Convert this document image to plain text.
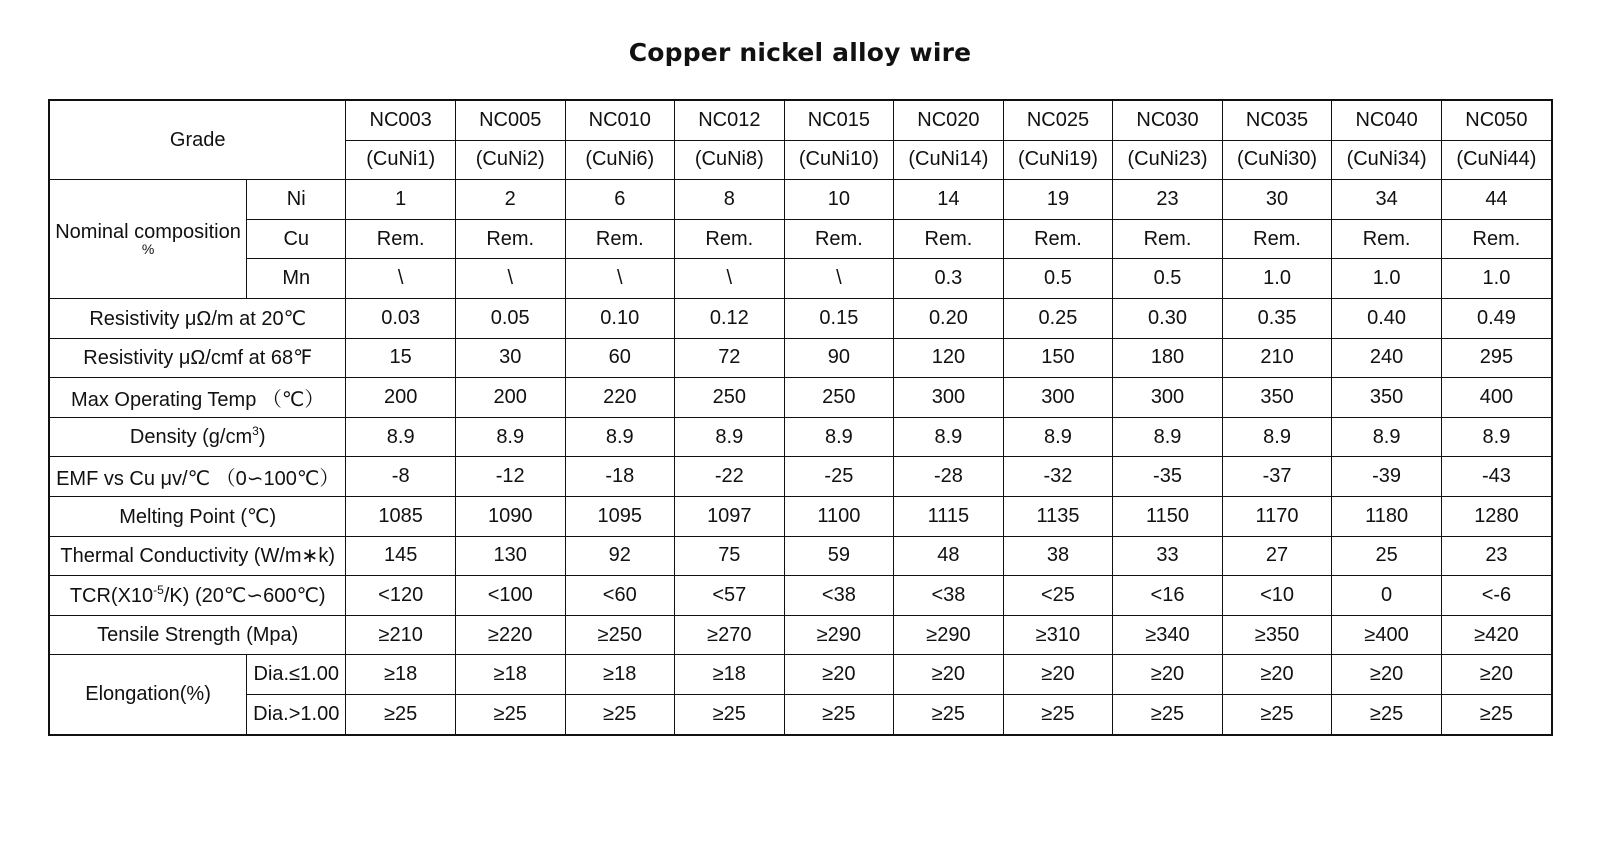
Copper nickel alloy wire
Grade		NC003	NC005	NC010	NC012	NC015	NC020	NC025	NC030	NC035	NC040	NC050
		(CuNi1)	(CuNi2)	(CuNi6)	(CuNi8)	(CuNi10)	(CuNi14)	(CuNi19)	(CuNi23)	(CuNi30)	(CuNi34)	(CuNi44)

Nominal composition
%	Ni	1	2	6	8	10	14	19	23	30	34	44
	Cu	Rem.	Rem.	Rem.	Rem.	Rem.	Rem.	Rem.	Rem.	Rem.	Rem.	Rem.
	Mn	\	\	\	\	\	0.3	0.5	0.5	1.0	1.0	1.0
Resistivity μΩ/m at 20℃		0.03	0.05	0.10	0.12	0.15	0.20	0.25	0.30	0.35	0.40	0.49
Resistivity μΩ/cmf at 68℉		15	30	60	72	90	120	150	180	210	240	295
Max Operating Temp （℃）		200	200	220	250	250	300	300	300	350	350	400
Density $(g/cm^3)$		8.9	8.9	8.9	8.9	8.9	8.9	8.9	8.9	8.9	8.9	8.9
EMF vs Cu μv/℃ （0∽100℃）		-8	-12	-18	-22	-25	-28	-32	-35	-37	-39	-43
Melting Point (℃)		1085	1090	1095	1097	1100	1115	1135	1150	1170	1180	1280
Thermal Conductivity (W/m∗k)		145	130	92	75	59	48	38	33	27	25	23
$TCR(X10^{-5}/K)$ (20℃∽600℃)		<120	<100	<60	<57	<38	<38	<25	<16	<10	0	<-6
Tensile Strength (Mpa)		≥210	≥220	≥250	≥270	≥290	≥290	≥310	≥340	≥350	≥400	≥420
Elongation(%)	Dia.≤1.00	≥18	≥18	≥18	≥18	≥20	≥20	≥20	≥20	≥20	≥20	≥20
	Dia.>1.00	≥25	≥25	≥25	≥25	≥25	≥25	≥25	≥25	≥25	≥25	≥25
